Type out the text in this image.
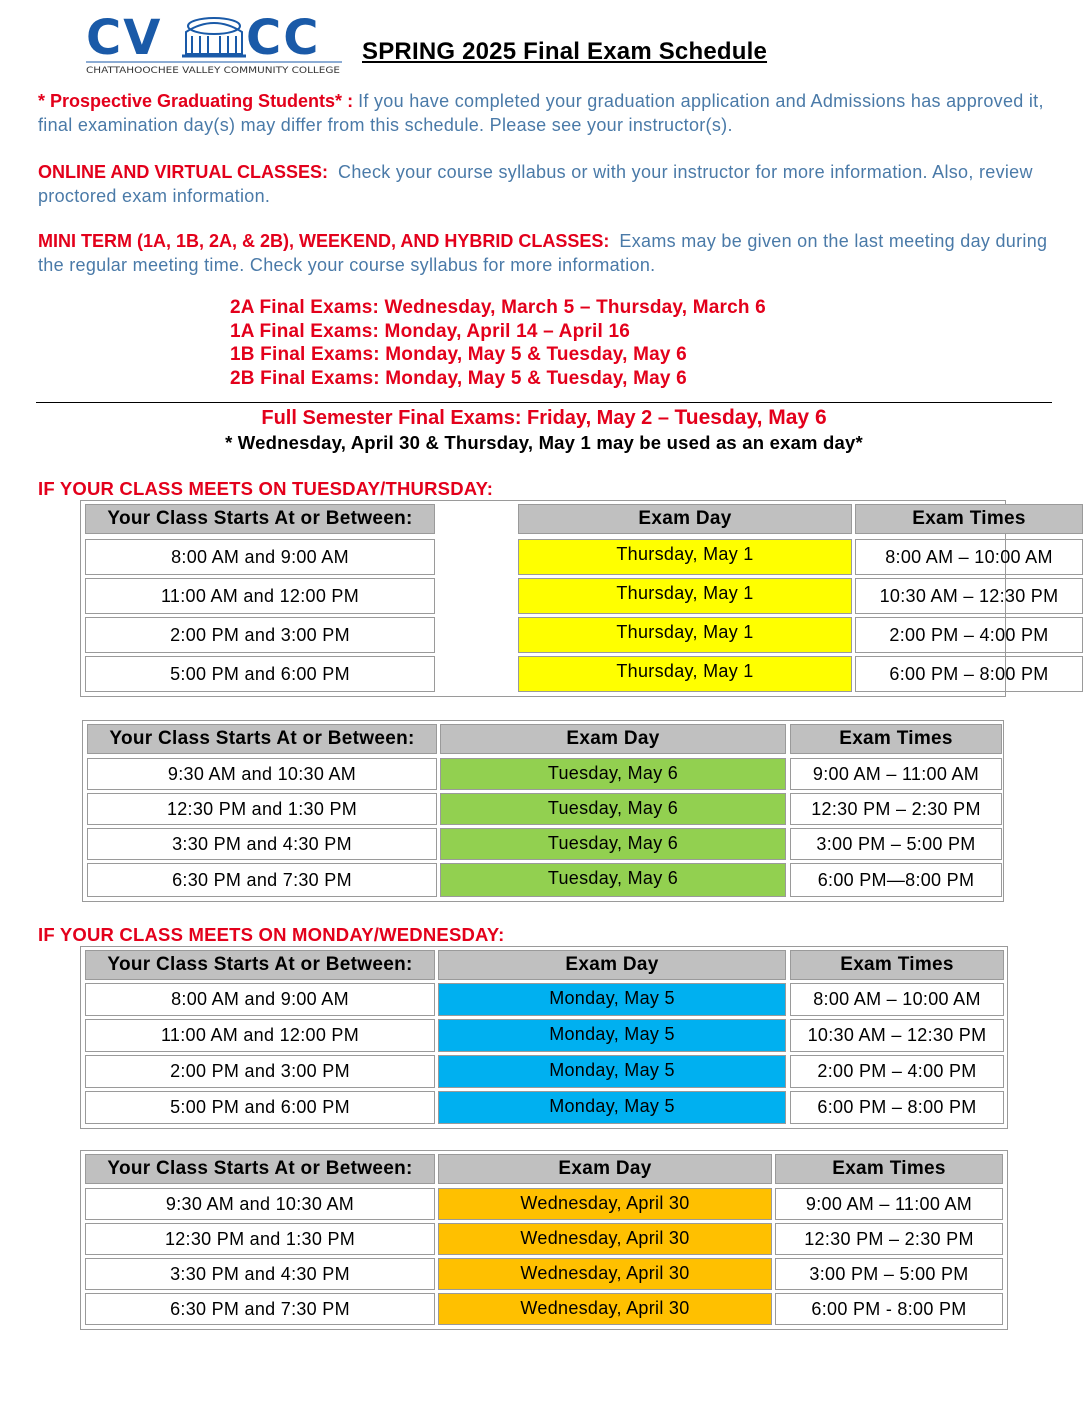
CV CC
CHATTAHOOCHEE VALLEY COMMUNITY COLLEGE
SPRING 2025 Final Exam Schedule
* Prospective Graduating Students* : If you have completed your graduation application and Admissions has approved it, final examination day(s) may differ from this schedule. Please see your instructor(s).
ONLINE AND VIRTUAL CLASSES: Check your course syllabus or with your instructor for more information. Also, review proctored exam information.
MINI TERM (1A, 1B, 2A, & 2B), WEEKEND, AND HYBRID CLASSES: Exams may be given on the last meeting day during the regular meeting time. Check your course syllabus for more information.
2A Final Exams: Wednesday, March 5 – Thursday, March 6
1A Final Exams: Monday, April 14 – April 16
1B Final Exams: Monday, May 5 & Tuesday, May 6
2B Final Exams: Monday, May 5 & Tuesday, May 6
Full Semester Final Exams: Friday, May 2 – Tuesday, May 6
* Wednesday, April 30 & Thursday, May 1 may be used as an exam day*
IF YOUR CLASS MEETS ON TUESDAY/THURSDAY:
IF YOUR CLASS MEETS ON MONDAY/WEDNESDAY:
Your Class Starts At or Between:	Exam Day	Exam Times
8:00 AM and 9:00 AM	Thursday, May 1	8:00 AM – 10:00 AM
11:00 AM and 12:00 PM	Thursday, May 1	10:30 AM – 12:30 PM
2:00 PM and 3:00 PM	Thursday, May 1	2:00 PM – 4:00 PM
5:00 PM and 6:00 PM	Thursday, May 1	6:00 PM – 8:00 PM
Your Class Starts At or Between:	Exam Day	Exam Times
9:30 AM and 10:30 AM	Tuesday, May 6	9:00 AM – 11:00 AM
12:30 PM and 1:30 PM	Tuesday, May 6	12:30 PM – 2:30 PM
3:30 PM and 4:30 PM	Tuesday, May 6	3:00 PM – 5:00 PM
6:30 PM and 7:30 PM	Tuesday, May 6	6:00 PM—8:00 PM
Your Class Starts At or Between:	Exam Day	Exam Times
8:00 AM and 9:00 AM	Monday, May 5	8:00 AM – 10:00 AM
11:00 AM and 12:00 PM	Monday, May 5	10:30 AM – 12:30 PM
2:00 PM and 3:00 PM	Monday, May 5	2:00 PM – 4:00 PM
5:00 PM and 6:00 PM	Monday, May 5	6:00 PM – 8:00 PM
Your Class Starts At or Between:	Exam Day	Exam Times
9:30 AM and 10:30 AM	Wednesday, April 30	9:00 AM – 11:00 AM
12:30 PM and 1:30 PM	Wednesday, April 30	12:30 PM – 2:30 PM
3:30 PM and 4:30 PM	Wednesday, April 30	3:00 PM – 5:00 PM
6:30 PM and 7:30 PM	Wednesday, April 30	6:00 PM - 8:00 PM
